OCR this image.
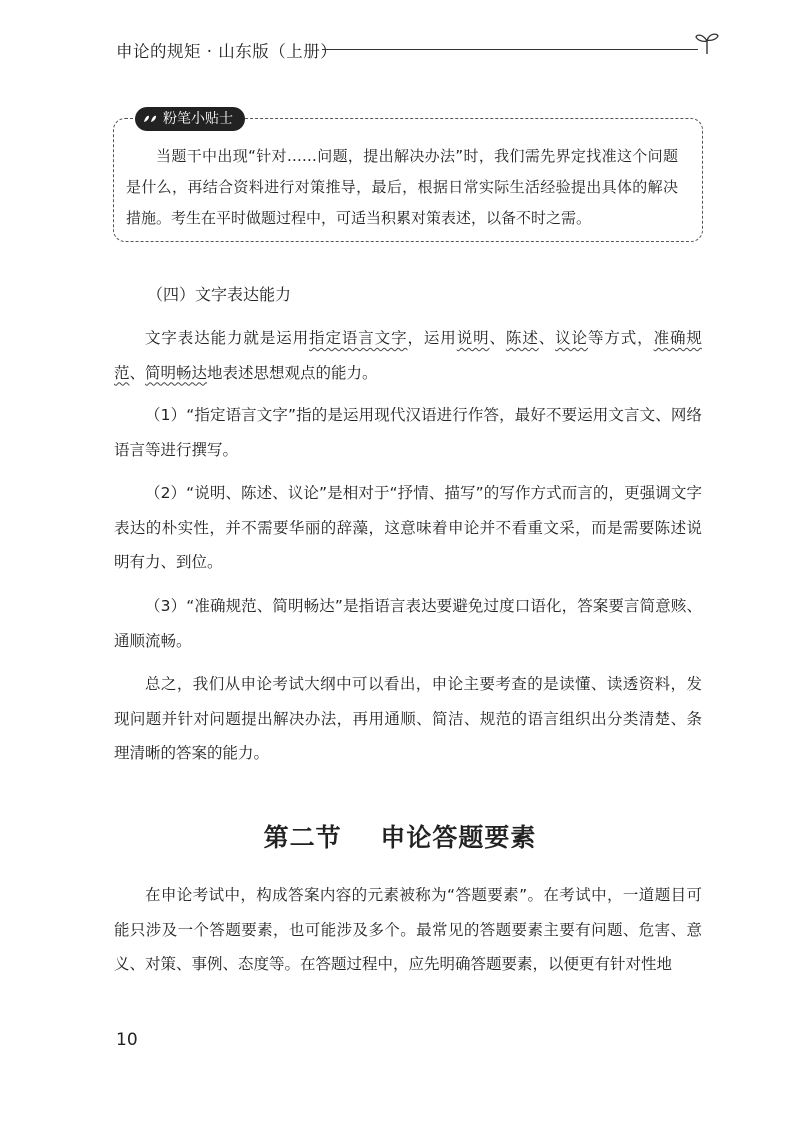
申论的规矩 · 山东版（上册）
粉笔小贴士
当题干中出现“针对……问题，提出解决办法”时，我们需先界定找准这个问题是什么，再结合资料进行对策推导，最后，根据日常实际生活经验提出具体的解决措施。考生在平时做题过程中，可适当积累对策表述，以备不时之需。
（四）文字表达能力
文字表达能力就是运用指定语言文字，运用说明、陈述、议论等方式，准确规范、简明畅达地表述思想观点的能力。
（1）“指定语言文字”指的是运用现代汉语进行作答，最好不要运用文言文、网络语言等进行撰写。
（2）“说明、陈述、议论”是相对于“抒情、描写”的写作方式而言的，更强调文字表达的朴实性，并不需要华丽的辞藻，这意味着申论并不看重文采，而是需要陈述说明有力、到位。
（3）“准确规范、简明畅达”是指语言表达要避免过度口语化，答案要言简意赅、通顺流畅。
总之，我们从申论考试大纲中可以看出，申论主要考查的是读懂、读透资料，发现问题并针对问题提出解决办法，再用通顺、简洁、规范的语言组织出分类清楚、条理清晰的答案的能力。
第二节    申论答题要素
在申论考试中，构成答案内容的元素被称为“答题要素”。在考试中，一道题目可能只涉及一个答题要素，也可能涉及多个。最常见的答题要素主要有问题、危害、意义、对策、事例、态度等。在答题过程中，应先明确答题要素，以便更有针对性地
10
